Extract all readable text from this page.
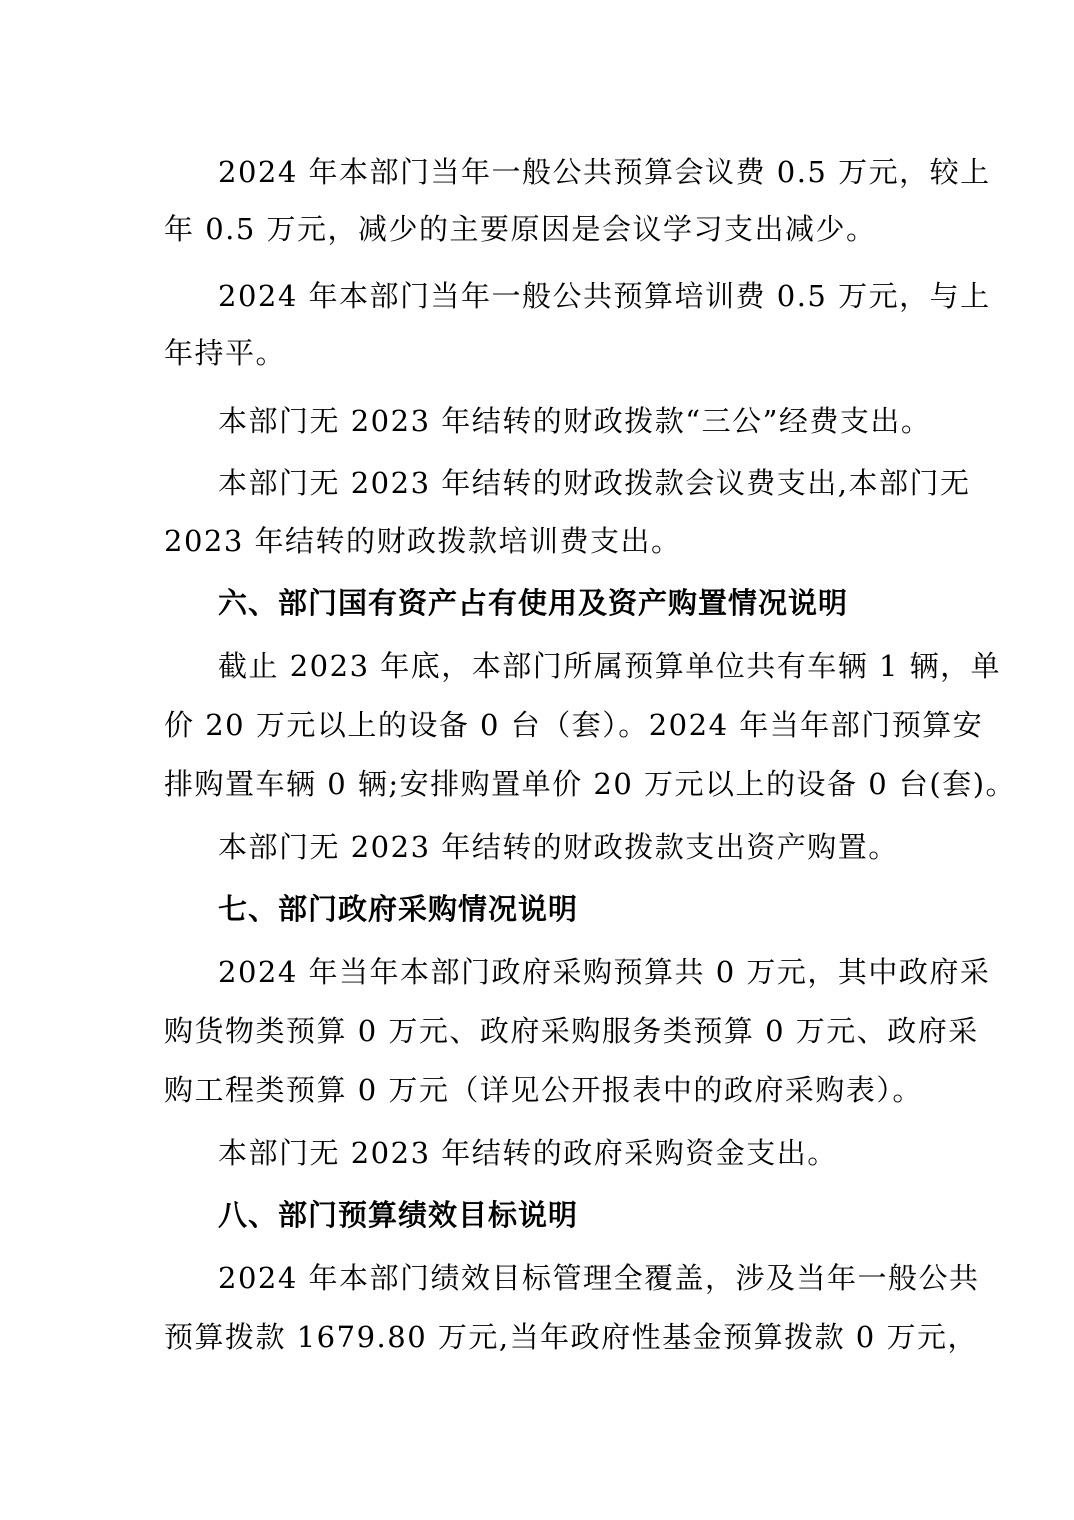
2024 年本部门当年一般公共预算会议费 0.5 万元，较上
年 0.5 万元，减少的主要原因是会议学习支出减少。
2024 年本部门当年一般公共预算培训费 0.5 万元，与上
年持平。
本部门无 2023 年结转的财政拨款“三公”经费支出。
本部门无 2023 年结转的财政拨款会议费支出,本部门无
2023 年结转的财政拨款培训费支出。
六、部门国有资产占有使用及资产购置情况说明
截止 2023 年底，本部门所属预算单位共有车辆 1 辆，单
价 20 万元以上的设备 0 台（套）。2024 年当年部门预算安
排购置车辆 0 辆;安排购置单价 20 万元以上的设备 0 台(套)。
本部门无 2023 年结转的财政拨款支出资产购置。
七、部门政府采购情况说明
2024 年当年本部门政府采购预算共 0 万元，其中政府采
购货物类预算 0 万元、政府采购服务类预算 0 万元、政府采
购工程类预算 0 万元（详见公开报表中的政府采购表）。
本部门无 2023 年结转的政府采购资金支出。
八、部门预算绩效目标说明
2024 年本部门绩效目标管理全覆盖，涉及当年一般公共
预算拨款 1679.80 万元,当年政府性基金预算拨款 0 万元，
